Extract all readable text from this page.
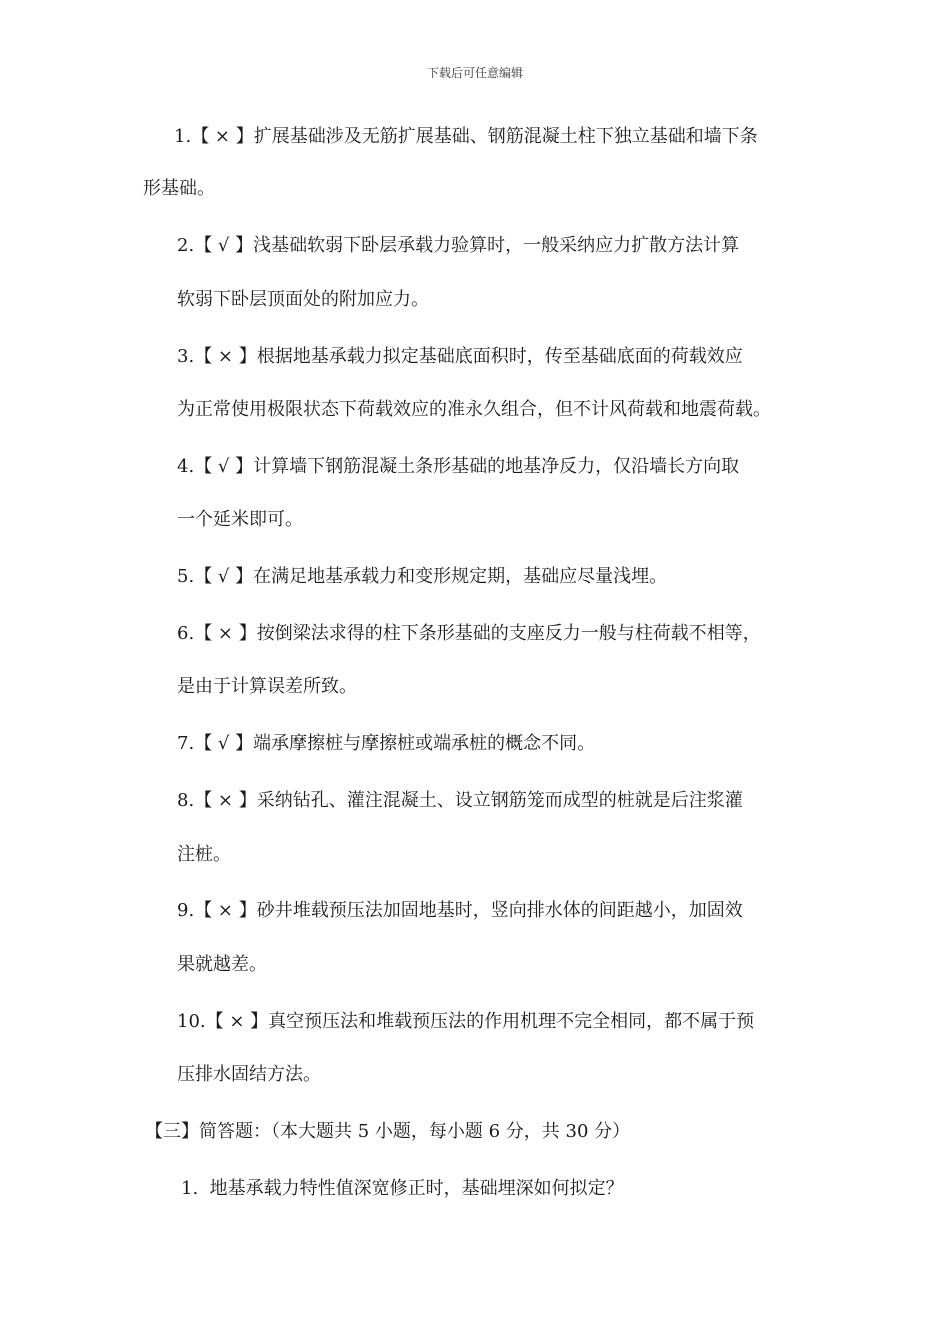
下载后可任意编辑
1.【 × 】扩展基础涉及无筋扩展基础、钢筋混凝土柱下独立基础和墙下条
形基础。
2.【 √ 】浅基础软弱下卧层承载力验算时，一般采纳应力扩散方法计算
软弱下卧层顶面处的附加应力。
3.【 × 】根据地基承载力拟定基础底面积时，传至基础底面的荷载效应
为正常使用极限状态下荷载效应的准永久组合，但不计风荷载和地震荷载。
4.【 √ 】计算墙下钢筋混凝土条形基础的地基净反力，仅沿墙长方向取
一个延米即可。
5.【 √ 】在满足地基承载力和变形规定期，基础应尽量浅埋。
6.【 × 】按倒梁法求得的柱下条形基础的支座反力一般与柱荷载不相等，
是由于计算误差所致。
7.【 √ 】端承摩擦桩与摩擦桩或端承桩的概念不同。
8.【 × 】采纳钻孔、灌注混凝土、设立钢筋笼而成型的桩就是后注浆灌
注桩。
9.【 × 】砂井堆载预压法加固地基时，竖向排水体的间距越小，加固效
果就越差。
10.【 × 】真空预压法和堆载预压法的作用机理不完全相同，都不属于预
压排水固结方法。
【三】简答题：（本大题共 5 小题，每小题 6 分，共 30 分）
1. 地基承载力特性值深宽修正时，基础埋深如何拟定？
